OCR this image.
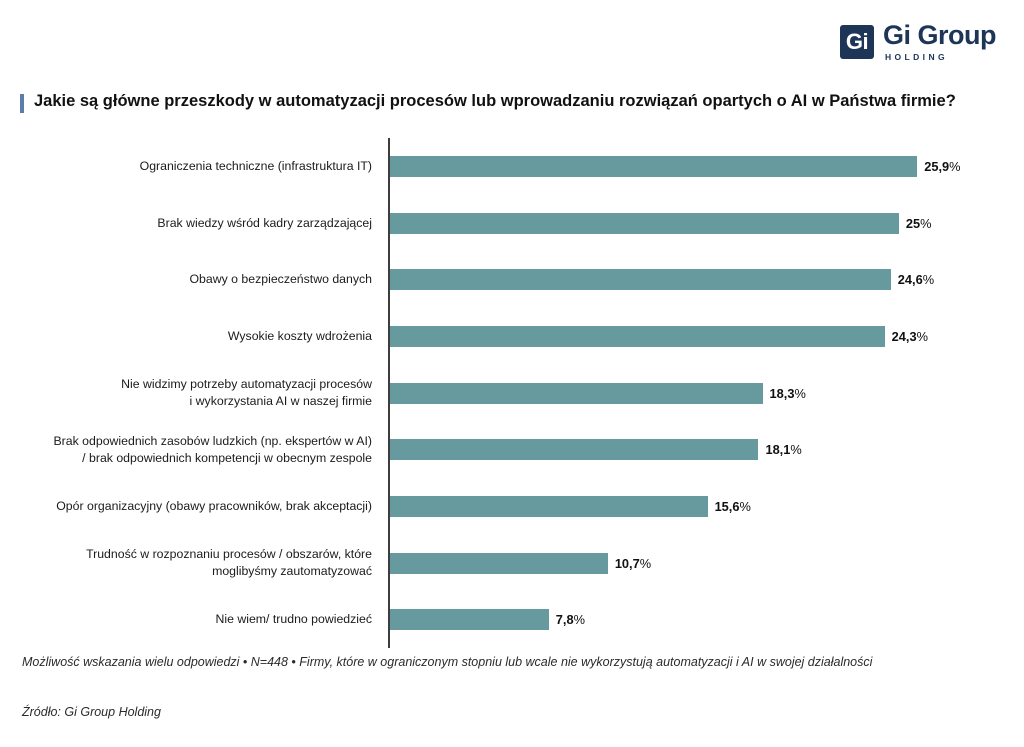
Gi Gi Group
HOLDING
Jakie są główne przeszkody w automatyzacji procesów lub wprowadzaniu rozwiązań opartych o AI w Państwa firmie?
Ograniczenia techniczne (infrastruktura IT)	25,9%
Brak wiedzy wśród kadry zarządzającej	25%
Obawy o bezpieczeństwo danych	24,6%
Wysokie koszty wdrożenia	24,3%
Nie widzimy potrzeby automatyzacji procesów
i wykorzystania AI w naszej firmie
18,3%
Brak odpowiednich zasobów ludzkich (np. ekspertów w AI)
/ brak odpowiednich kompetencji w obecnym zespole
18,1%
Opór organizacyjny (obawy pracowników, brak akceptacji)	15,6%
Trudność w rozpoznaniu procesów / obszarów, które
moglibyśmy zautomatyzować
10,7%
Nie wiem/ trudno powiedzieć	7,8%
Możliwość wskazania wielu odpowiedzi • N=448 • Firmy, które w ograniczonym stopniu lub wcale nie wykorzystują automatyzacji i AI w swojej działalności
Źródło: Gi Group Holding
